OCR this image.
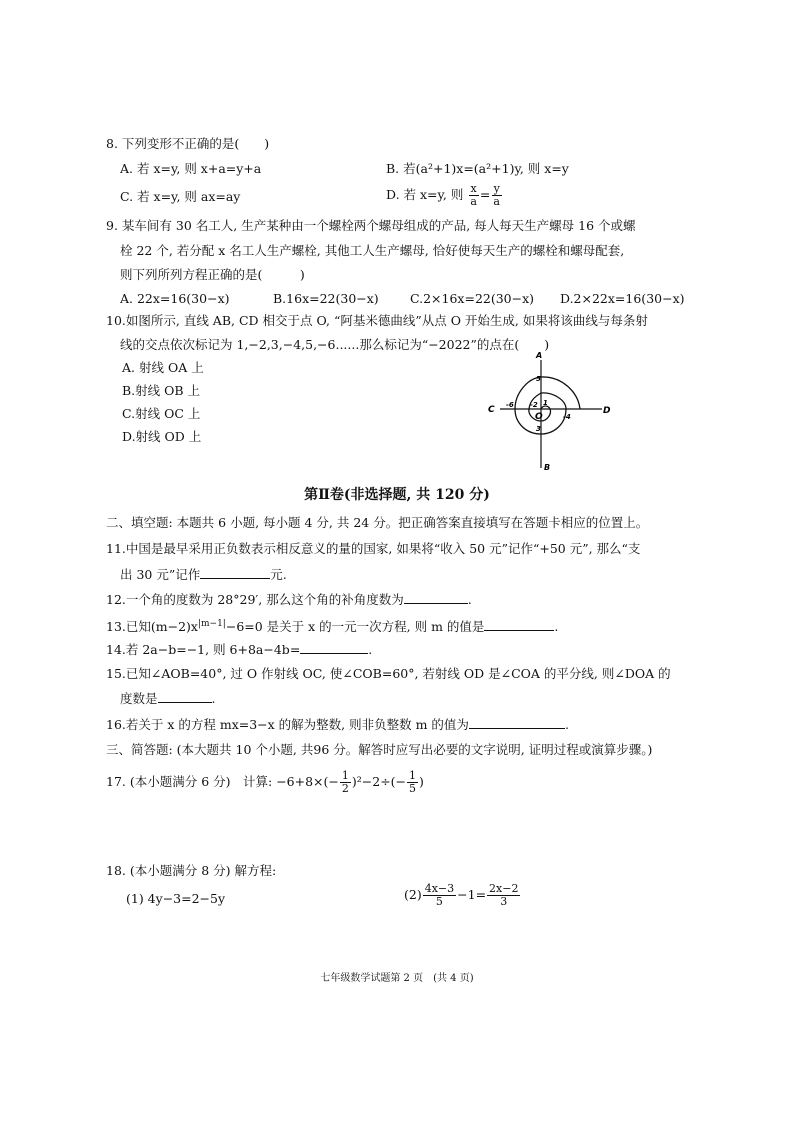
8. 下列变形不正确的是(　　)
A. 若 x=y, 则 x+a=y+a	B. 若(a²+1)x=(a²+1)y, 则 x=y
C. 若 x=y, 则 ax=ay	D. 若 x=y, 则 $\frac{x}{a} = \frac{y}{a}$
9. 某车间有 30 名工人, 生产某种由一个螺栓两个螺母组成的产品, 每人每天生产螺母 16 个或螺
栓 22 个, 若分配 x 名工人生产螺栓, 其他工人生产螺母, 恰好使每天生产的螺栓和螺母配套,
则下列所列方程正确的是(　　　)
A. 22x=16(30−x)	B.16x=22(30−x)	C.2×16x=22(30−x) D.2×22x=16(30−x)
10.如图所示, 直线 AB, CD 相交于点 O, “阿基米德曲线”从点 O 开始生成, 如果将该曲线与每条射
线的交点依次标记为 1,−2,3,−4,5,−6......那么标记为“−2022”的点在(　　)
A. 射线 OA 上
B.射线 OB 上
C.射线 OC 上
D.射线 OD 上
A
B
C	D
O
1
-2
3
-4
5
-6
第Ⅱ卷(非选择题, 共 120 分)
二、填空题: 本题共 6 小题, 每小题 4 分, 共 24 分。把正确答案直接填写在答题卡相应的位置上。
11.中国是最早采用正负数表示相反意义的量的国家, 如果将“收入 50 元”记作“+50 元”, 那么“支
出 30 元”记作	元.
12.一个角的度数为 28°29′, 那么这个角的补角度数为	.
13.已知$(m-2)x^{|m-1|}-6=0$ 是关于 x 的一元一次方程, 则 m 的值是	.
14.若 2a−b=−1, 则 6+8a−4b=	.
15.已知∠AOB=40°, 过 O 作射线 OC, 使∠COB=60°, 若射线 OD 是∠COA 的平分线, 则∠DOA 的
度数是	.
16.若关于 x 的方程 mx=3−x 的解为整数, 则非负整数 m 的值为	.
三、简答题: (本大题共 10 个小题, 共96 分。解答时应写出必要的文字说明, 证明过程或演算步骤。)
17. (本小题满分 6 分)　计算: $-6+8\times(- \frac{1}{2} )^2-2\div(- \frac{1}{5}$ )
18. (本小题满分 8 分) 解方程:
(1) 4y−3=2−5y	$(2) \frac{4x-3}{5} -1= \frac{2x-2}{3}$
七年级数学试题第 2 页　(共 4 页)
